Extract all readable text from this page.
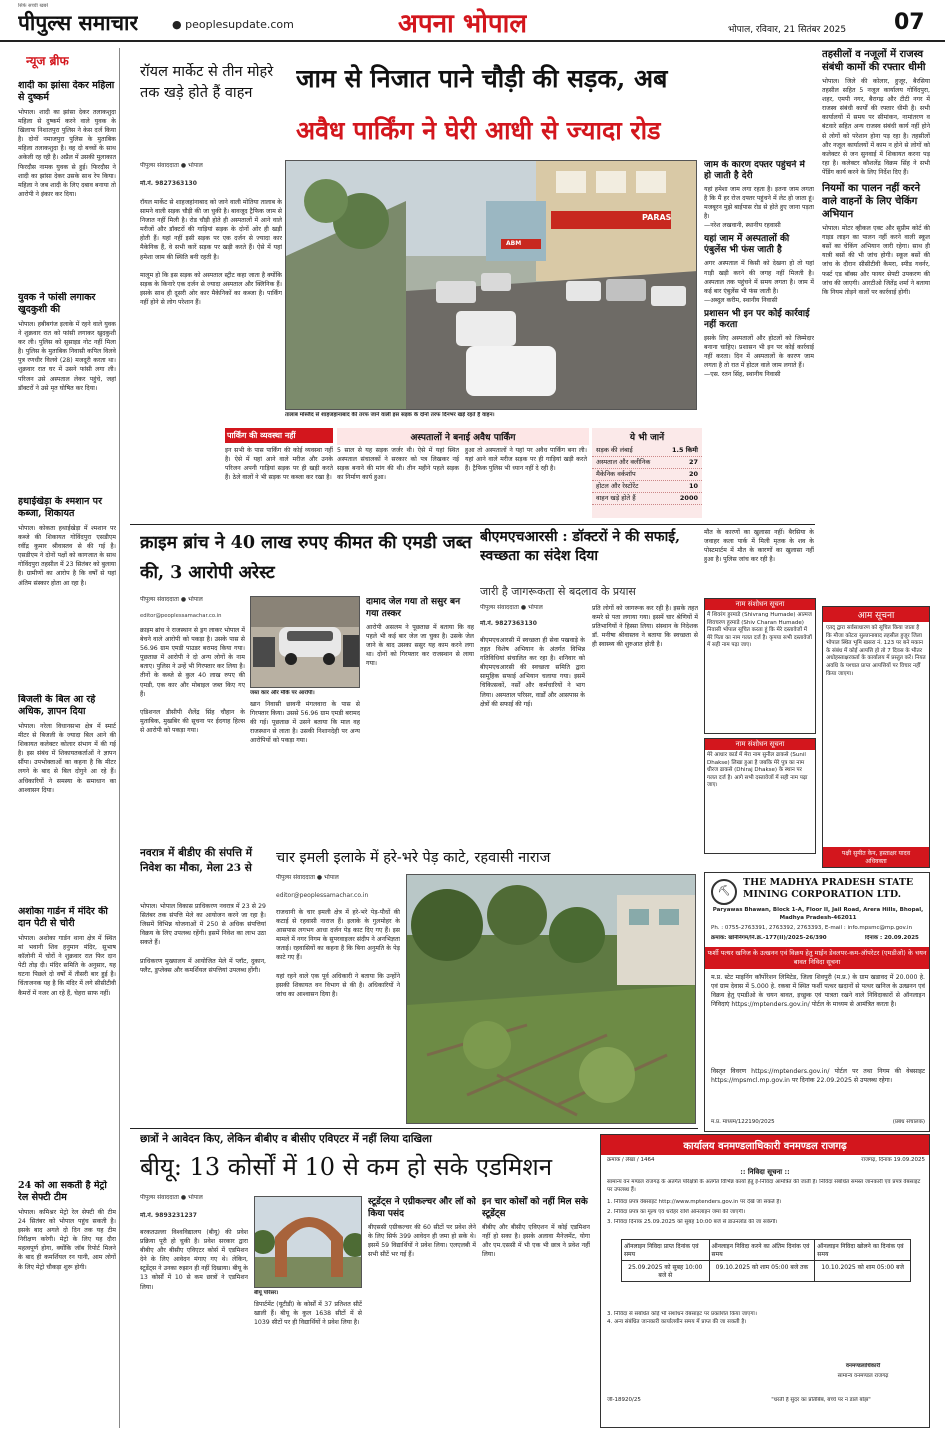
सिर्फ सच्ची खबरें
पीपुल्स समाचार	● peoplesupdate.com	अपना भोपाल	भोपाल, रविवार, 21 सितंबर 2025 07
न्यूज ब्रीफ
शादी का झांसा देकर महिला से दुष्कर्म
भोपाल। शादी का झांसा देकर तलाकशुदा महिला से दुष्कर्म करने वाले युवक के खिलाफ निशातपुरा पुलिस ने केस दर्ज किया है। दोनों नमाजपुरा पुलिस के मुताबिक महिला तलाकशुदा है। वह दो बच्चों के साथ अकेली रह रही है। अप्रैल में उसकी मुलाकात फिरदौस नामक युवक से हुई। फिरदौस ने शादी का झांसा देकर उसके साथ रेप किया। महिला ने जब शादी के लिए दबाव बनाया तो आरोपी ने इंकार कर दिया।
युवक ने फांसी लगाकर खुदकुशी की
भोपाल। हबीबगंज इलाके में रहने वाले युवक ने शुक्रवार रात को फांसी लगाकर खुदकुशी कर ली। पुलिस को सुसाइड नोट नहीं मिला है। पुलिस के मुताबिक निवासी कपिल विलवे पुत्र रणधीर विलवे (28) मजदूरी करता था। शुक्रवार रात घर में उसने फांसी लगा ली। परिजन उसे अस्पताल लेकर पहुंचे, जहां डॉक्टरों ने उसे मृत घोषित कर दिया।
हथाईखेड़ा के श्मशान पर कब्जा, शिकायत
भोपाल। कोकता हथाईखेड़ा में श्मशान पर कब्जे की शिकायत गोविंदपुरा एसडीएम रवींद्र कुमार श्रीवास्तव से की गई है। एसडीएम ने दोनों पक्षों को कागजात के साथ गोविंदपुरा तहसील में 23 सितंबर को बुलाया है। ग्रामीणों का आरोप है कि वर्षों से यहां अंतिम संस्कार होता आ रहा है।
बिजली के बिल आ रहे अधिक, ज्ञापन दिया
भोपाल। नरेला विधानसभा क्षेत्र में स्मार्ट मीटर से बिजली के ज्यादा बिल आने की शिकायत कलेक्टर कोलार संभाग में की गई है। इस संबंध में शिकायतकर्ताओं ने ज्ञापन सौंपा। उपभोक्ताओं का कहना है कि मीटर लगने के बाद से बिल दोगुने आ रहे हैं। अधिकारियों ने समस्या के समाधान का आश्वासन दिया।
अशोका गार्डन में मंदिर की दान पेटी से चोरी
भोपाल। अशोका गार्डन थाना क्षेत्र में स्थित मां भवानी शिव हनुमान मंदिर, सुभाष कॉलोनी में चोरों ने शुक्रवार रात फिर दान पेटी तोड़ दी। मंदिर समिति के अनुसार, यह घटना पिछले दो वर्षों में तीसरी बार हुई है। चिंताजनक यह है कि मंदिर में लगे सीसीटीवी कैमरों में नजर आ रहे हैं, चेहरा साफ नहीं।
24 को आ सकती है मेट्रो रेल सेफ्टी टीम
भोपाल। कमिश्नर मेट्रो रेल सेफ्टी की टीम 24 सितंबर को भोपाल पहुंच सकती है। इसके बाद अगले दो दिन तक यह टीम निरीक्षण करेगी। मेट्रो के लिए यह दौरा महत्वपूर्ण होगा, क्योंकि जॉब रिपोर्ट मिलने के बाद ही कमर्शियल रन यानी, आम लोगों के लिए मेट्रो चौकड़ा शुरू होगी।
रॉयल मार्केट से तीन मोहरे तक खड़े होते हैं वाहन	जाम से निजात पाने चौड़ी की सड़क, अब
अवैध पार्किंग ने घेरी आधी से ज्यादा रोड
पीपुल्स संवाददाता ● भोपाल
मो.नं. 9827363130
रॉयल मार्केट से शाहजहांनाबाद को जाने वाली मोतिया तालाब के सामने वाली सड़क चौड़ी की जा चुकी है। बावजूद ट्रैफिक जाम से निजात नहीं मिली है। रोड चौड़ी होते ही अस्पतालों में आने वाले मरीजों और डॉक्टरों की गाड़ियां सड़क के दोनों ओर ही खड़ी होती हैं। यहां नहीं इसी सड़क पर एक दर्जन से ज्यादा कार मैकेनिक हैं, वे सभी कारें सड़क पर खड़ी करते हैं। ऐसे में यहां हमेशा जाम की स्थिति बनी रहती है।

मालूम हो कि इस सड़क को अस्पताल स्ट्रीट कहा जाता है क्योंकि सड़क के किनारे एक दर्जन से ज्यादा अस्पताल और क्लिनिक हैं। इसके साथ ही दूसरी ओर कार मैकेनिकों का कब्जा है। पार्किंग नहीं होने से लोग परेशान हैं।
PARAS
ABM
तालाब मस्जिद से शाहजहांनाबाद की तरफ जाने वाली इस सड़क के दोनों तरफ दिनभर खड़े रहते हैं वाहन।
जाम के कारण दफ्तर पहुंचने में हो जाती है देरी
यहां हमेशा जाम लगा रहता है। इतना जाम लगता है कि मैं हर रोज दफ्तर पहुंचने में लेट हो जाता हूं। मजबूरन मुझे बाईपास रोड से होते हुए जाना पड़ता है।
—नरेश लखवानी, स्थानीय रहवासी
यहां जाम में अस्पतालों की एंबुलेंस भी फंस जाती है
अगर अस्पताल में किसी को देखना हो तो यहां गाड़ी खड़ी करने की जगह नहीं मिलती है। अस्पताल तक पहुंचने में समय लगता है। जाम में कई बार एंबुलेंस भी फंस जाती है।
—अब्दुल करीम, स्थानीय निवासी
प्रशासन भी इन पर कोई कार्रवाई नहीं करता
इसके लिए अस्पतालों और होटलों को जिम्मेदार बनाना चाहिए। प्रशासन भी इन पर कोई कार्रवाई नहीं करता। दिन में अस्पतालों के कारण जाम लगता है तो रात में होटल वाले जाम लगाते हैं।
—एस. रतन सिंह, स्थानीय निवासी
पार्किंग की व्यवस्था नहीं
इन सभी के पास पार्किंग की कोई व्यवस्था नहीं है। ऐसे में यहां आने वाले मरीज और उनके परिजन अपनी गाड़ियां सड़क पर ही खड़ी करते हैं। ठेले वालों ने भी सड़क पर कब्जा कर रखा है।
अस्पतालों ने बनाई अवैध पार्किंग
5 साल से यह सड़क जर्जर थी। ऐसे में यहां स्थित अस्पताल संचालकों ने सरकार को पत्र लिखकर नई सड़क बनाने की मांग की थी। तीन महीने पहले सड़क का निर्माण कार्य हुआ।
हुआ तो अस्पतालों ने यहां पर अवैध पार्किंग बना ली। यहां आने वाले मरीज सड़क पर ही गाड़ियां खड़ी करते हैं। ट्रैफिक पुलिस भी ध्यान नहीं दे रही है।
ये भी जानें
सड़क की लंबाई	1.5 किमी
अस्पताल और क्लीनिक	27
मैकेनिक वर्कशॉप	20
होटल और रेस्टोरेंट	10
वाहन खड़े होते हैं	2000
तहसीलों व नजूलों में राजस्व संबंधी कामों की रफ्तार धीमी
भोपाल। जिले की कोलार, हुजूर, बैरसिया तहसील सहित 5 नजूल कार्यालय गोविंदपुरा, शहर, एमपी नगर, बैरागढ़ और टीटी नगर में राजस्व संबंधी कार्यों की रफ्तार धीमी है। सभी कार्यालयों में समय पर सीमांकन, नामांतरण व बंटवारे सहित अन्य राजस्व संबंधी कार्य नहीं होने से लोगों को परेशान होना पड़ रहा है। तहसीलों और नजूल कार्यालयों में काम न होने से लोगों को कलेक्टर से जन सुनवाई में शिकायत करना पड़ रहा है। कलेक्टर कौशलेंद्र विक्रम सिंह ने सभी पेंडिंग कार्य करने के लिए निर्देश दिए हैं।
नियमों का पालन नहीं करने वाले वाहनों के लिए चेकिंग अभियान
भोपाल। मोटर व्हीकल एक्ट और सुप्रीम कोर्ट की गाइड लाइन का पालन नहीं करने वाली स्कूल बसों का चेकिंग अभियान जारी रहेगा। साथ ही यात्री बसों की भी जांच होगी। स्कूल बसों की जांच के दौरान सीसीटीवी कैमरा, स्पीड गवर्नर, फर्स्ट एड बॉक्स और फायर सेफ्टी उपकरण की जांच की जाएगी। आरटीओ जितेंद्र शर्मा ने बताया कि नियम तोड़ने वालों पर कार्रवाई होगी।
क्राइम ब्रांच ने 40 लाख रुपए कीमत की एमडी जब्त की, 3 आरोपी अरेस्ट
पीपुल्स संवाददाता ● भोपाल
editor@peoplessamachar.co.in
क्राइम ब्रांच ने राजस्थान से ड्रग लाकर भोपाल में बेचने वाले आरोपी को पकड़ा है। उसके पास से 56.96 ग्राम एमडी पाउडर बरामद किया गया। पूछताछ में आरोपी ने दो अन्य लोगों के नाम बताए। पुलिस ने उन्हें भी गिरफ्तार कर लिया है। तीनों के कब्जे से कुल 40 लाख रुपए की एमडी, एक कार और मोबाइल जब्त किए गए हैं।

एडिशनल डीसीपी शैलेंद्र सिंह चौहान के मुताबिक, मुखबिर की सूचना पर ईदगाह हिल्स से आरोपी को पकड़ा गया।
जब्त कार और मौके पर आरोपी।
खान निवासी छावनी मंगलवारा के पास से गिरफ्तार किया। उससे 56.96 ग्राम एमडी बरामद की गई। पूछताछ में उसने बताया कि माल वह राजस्थान से लाता है। उसकी निशानदेही पर अन्य आरोपियों को पकड़ा गया।
दामाद जेल गया तो ससुर बन गया तस्कर
आरोपी असलम ने पूछताछ में बताया कि वह पहले भी कई बार जेल जा चुका है। उसके जेल जाने के बाद उसका ससुर यह काम करने लगा था। दोनों को गिरफ्तार कर राजस्थान से लाया गया।
बीएमएचआरसी : डॉक्टरों ने की सफाई, स्वच्छता का संदेश दिया
जारी है जागरूकता से बदलाव के प्रयास
पीपुल्स संवाददाता ● भोपाल
मो.नं. 9827363130
बीएमएचआरसी में स्वच्छता ही सेवा पखवाड़े के तहत विशेष अभियान के अंतर्गत विभिन्न गतिविधियां संचालित कर रहा है। शनिवार को बीएमएचआरसी की स्वच्छता समिति द्वारा सामूहिक सफाई अभियान चलाया गया। इसमें चिकित्सकों, नर्सों और कर्मचारियों ने भाग लिया। अस्पताल परिसर, वार्डों और आसपास के क्षेत्रों की सफाई की गई।
प्रति लोगों को जागरूक कर रही है। इसके तहत कमरे से पता लगाया गया। इसमें चार श्रेणियों में प्रतिभागियों ने हिस्सा लिया। संस्थान के निदेशक डॉ. मनीषा श्रीवास्तव ने बताया कि स्वच्छता से ही स्वास्थ्य की शुरुआत होती है।
मौत के कारणों का खुलासा नहीं। बैरसिया के जवाहर कला पार्क में मिली मृतक के शव के पोस्टमार्टम में मौत के कारणों का खुलासा नहीं हुआ है। पुलिस जांच कर रही है।
नाम संशोधन सूचना
मैं शिवरंग हुरमाडे (Shivrang Humade) आत्मज शिवचरण हुरमाडे (Shiv Charan Humade) निवासी भोपाल सूचित करता हूं कि मेरे दस्तावेजों में मेरे पिता का नाम गलत दर्ज है। कृपया सभी दस्तावेजों में सही नाम पढ़ा जाए।
नाम संशोधन सूचना
मेरे आधार कार्ड में मेरा नाम सुनील ढाकसे (Sunil Dhakse) लिखा हुआ है जबकि मेरे पुत्र का नाम धीरज ढाकसे (Dhiraj Dhakse) के स्थान पर गलत दर्ज है। आगे सभी दस्तावेजों में सही नाम पढ़ा जाए।
आम सूचना
एतद् द्वारा सर्वसाधारण को सूचित किया जाता है कि मौजा कोटरा सुल्तानाबाद तहसील हुजूर जिला भोपाल स्थित भूमि खसरा नं. 123 पर बने मकान के संबंध में कोई आपत्ति हो तो 7 दिवस के भीतर अधोहस्ताक्षरकर्ता के कार्यालय में प्रस्तुत करें। नियत अवधि के पश्चात प्राप्त आपत्तियों पर विचार नहीं किया जाएगा।
पक्षी सुमीत केन, हस्ताक्षर यादव
अधिवक्ता
⛏
THE MADHYA PRADESH STATE MINING CORPORATION LTD.
Paryawas Bhawan, Block 1-A, Floor II, Jail Road, Arera Hills, Bhopal, Madhya Pradesh-462011
Ph. : 0755-2763391, 2763392, 2763393, E-mail : info.mpsmc@mp.gov.in
क्रमांक: खनिनिगम/नि.क्र.-177(II)/2025-26/390	दिनांक : 20.09.2025
फर्शी पत्थर खनिज के उत्खनन एवं विक्रय हेतु माईन डेवलपर-कम-ऑपरेटर (एमडीओ) के चयन बावत निविदा सूचना
म.प्र. स्टेट माइनिंग कॉर्पोरेशन लिमिटेड, जिला शिवपुरी (म.प्र.) के ग्राम खडावद में 20.000 हे. एवं ग्राम देवास में 5.000 हे. रकबा में स्थित फर्शी पत्थर खदानों से पत्थर खनिज के उत्खनन एवं विक्रय हेतु एमडीओ के चयन बावत, इच्छुक एवं पात्रता रखने वाले निविदाकारों से ऑनलाइन निविदाएं https://mptenders.gov.in/ पोर्टल के माध्यम से आमंत्रित करता है।
विस्तृत विवरण https://mptenders.gov.in/ पोर्टल पर तथा निगम की वेबसाइट https://mpsmcl.mp.gov.in पर दिनांक 22.09.2025 से उपलब्ध रहेगा।
म.प्र. माध्यम/122190/2025	(प्रबंध संचालक)
नवरात्र में बीडीए की संपत्ति में निवेश का मौका, मेला 23 से
भोपाल। भोपाल विकास प्राधिकरण नवरात्र में 23 से 29 सितंबर तक संपत्ति मेले का आयोजन करने जा रहा है। जिसमें विभिन्न योजनाओं में 250 से अधिक संपत्तियां विक्रय के लिए उपलब्ध रहेंगी। इसमें निवेश का लाभ उठा सकते हैं।

प्राधिकरण मुख्यालय में आयोजित मेले में प्लॉट, दुकान, फ्लैट, डुप्लेक्स और कमर्शियल संपत्तियां उपलब्ध होंगी।
चार इमली इलाके में हरे-भरे पेड़ काटे, रहवासी नाराज
पीपुल्स संवाददाता ● भोपाल
editor@peoplessamachar.co.in
राजधानी के चार इमली क्षेत्र में हरे-भरे पेड़-पौधों की कटाई से रहवासी नाराज हैं। इलाके के गुलमोहर के आसपास लगभग आधा दर्जन पेड़ काट दिए गए हैं। इस मामले में नगर निगम के सुपरवाइजर संदीप ने अनभिज्ञता जताई। रहवासियों का कहना है कि बिना अनुमति के पेड़ काटे गए हैं।

यहां रहने वाले एक पूर्व अधिकारी ने बताया कि उन्होंने इसकी शिकायत वन विभाग से की है। अधिकारियों ने जांच का आश्वासन दिया है।
छात्रों ने आवेदन किए, लेकिन बीबीए व बीसीए एविएटर में नहीं लिया दाखिला
बीयू: 13 कोर्सों में 10 से कम हो सके एडमिशन
पीपुल्स संवाददाता ● भोपाल
मो.नं. 9893231237
बरकतउल्ला विश्वविद्यालय (बीयू) की प्रवेश प्रक्रिया पूरी हो चुकी है। प्रवेश सरकार द्वारा बीबीए और बीसीए एविएटर कोर्स में एडमिशन देने के लिए आवेदन मंगाए गए थे। लेकिन, स्टूडेंट्स ने उनका रुझान ही नहीं दिखाया। बीयू के 13 कोर्सों में 10 से कम छात्रों ने एडमिशन लिया।
बीयू परिसर।
डिपार्टमेंट (यूटीडी) के कोर्सों में 37 प्रतिशत सीटें खाली हैं। बीयू के कुल 1638 सीटों में से 1039 सीटों पर ही विद्यार्थियों ने प्रवेश लिया है।
स्टूडेंट्स ने एग्रीकल्चर और लॉ को किया पसंद
बीएससी एग्रीकल्चर की 60 सीटों पर प्रवेश लेने के लिए सिर्फ 399 आवेदन ही जमा हो सके थे। इसमें 59 विद्यार्थियों ने प्रवेश लिया। एलएलबी में सभी सीटें भर गई हैं।
इन चार कोर्सों को नहीं मिल सके स्टूडेंट्स
बीबीए और बीसीए एविएशन में कोई एडमिशन नहीं हो सका है। इसके अलावा मैनेजमेंट, योगा और एम.एससी में भी एक भी छात्र ने प्रवेश नहीं लिया।
कार्यालय वनमण्डलाधिकारी वनमण्डल राजगढ़
क्रमांक / लेखा / 1464	राजगढ़, दिनांक 19.09.2025
:: निविदा सूचना ::
सामान्य वन मण्डल राजगढ़ के अंतर्गत परिक्षेत्रों के अंतर्गत विभिन्न कार्यों हेतु ई-निविदा आमंत्रित की जाती है। निविदा संबंधित समस्त जानकारी एवं प्रपत्र वेबसाइट पर उपलब्ध हैं।
1. निविदा प्रपत्र वेबसाइट http://www.mptenders.gov.in पर देखे जा सकते हैं।
2. निविदा प्रपत्र का मूल्य एवं धरोहर राशि ऑनलाइन जमा की जाएगी।
3. निविदा दिनांक 25.09.2025 को सुबह 10:00 बजे से डाउनलोड की जा सकेगी।
ऑनलाइन निविदा प्राप्त दिनांक एवं समय	ऑनलाइन निविदा करने का अंतिम दिनांक एवं समय	ऑनलाइन निविदा खोलने का दिनांक एवं समय
25.09.2025 को सुबह 10:00 बजे से	09.10.2025 को शाम 05:00 बजे तक	10.10.2025 को शाम 05:00 बजे
3. निविदा से संबंधित कोई भी संशोधन वेबसाइट पर प्रकाशित किया जाएगा।
4. अन्य संबंधित जानकारी कार्यालयीन समय में प्राप्त की जा सकती है।
वनमण्डलाधिकारी
सामान्य वनमण्डल राजगढ़
जी-18920/25	"धरती है सुंदर का प्रतिबिंब, बच्चे पर न डाले बोझ"
